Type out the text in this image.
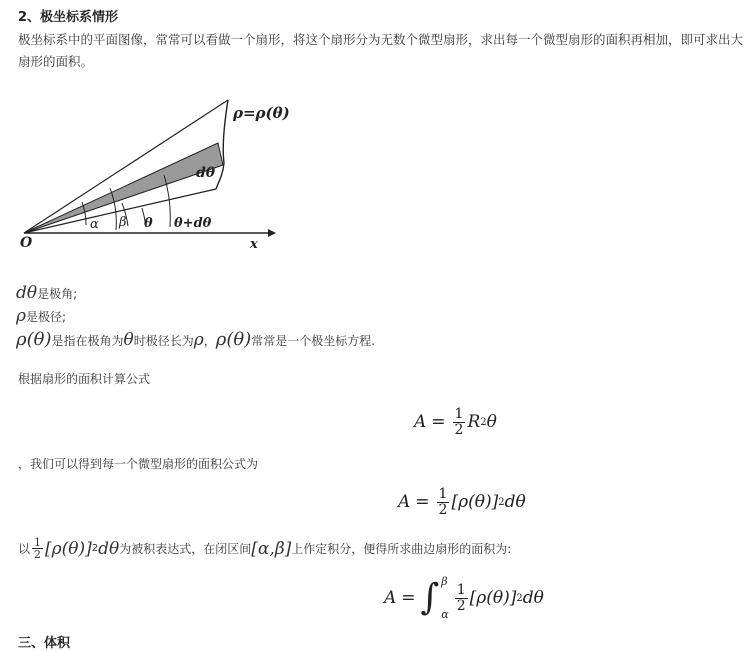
2、极坐标系情形
极坐标系中的平面图像，常常可以看做一个扇形，将这个扇形分为无数个微型扇形，求出每一个微型扇形的面积再相加，即可求出大扇形的面积。
ρ=ρ(θ)
dθ
α β θ θ+dθ
O	x
dθ是极角;
ρ是极径;
ρ(θ)是指在极角为θ时极径长为ρ，ρ(θ)常常是一个极坐标方程.
根据扇形的面积计算公式
$A = \frac{1}{2}$ R 2 θ
，我们可以得到每一个微型扇形的面积公式为
$A = \frac{1}{2} [\rho(\theta)]$ 2 dθ
以 $\frac{1}{2} [\rho(\theta)]$ 2 dθ 为被积表达式，在闭区间 [α,β] 上作定积分，便得所求曲边扇形的面积为:
A = ∫ β
α
$\frac{1}{2} [\rho(\theta)]$ 2 dθ
三、体积
